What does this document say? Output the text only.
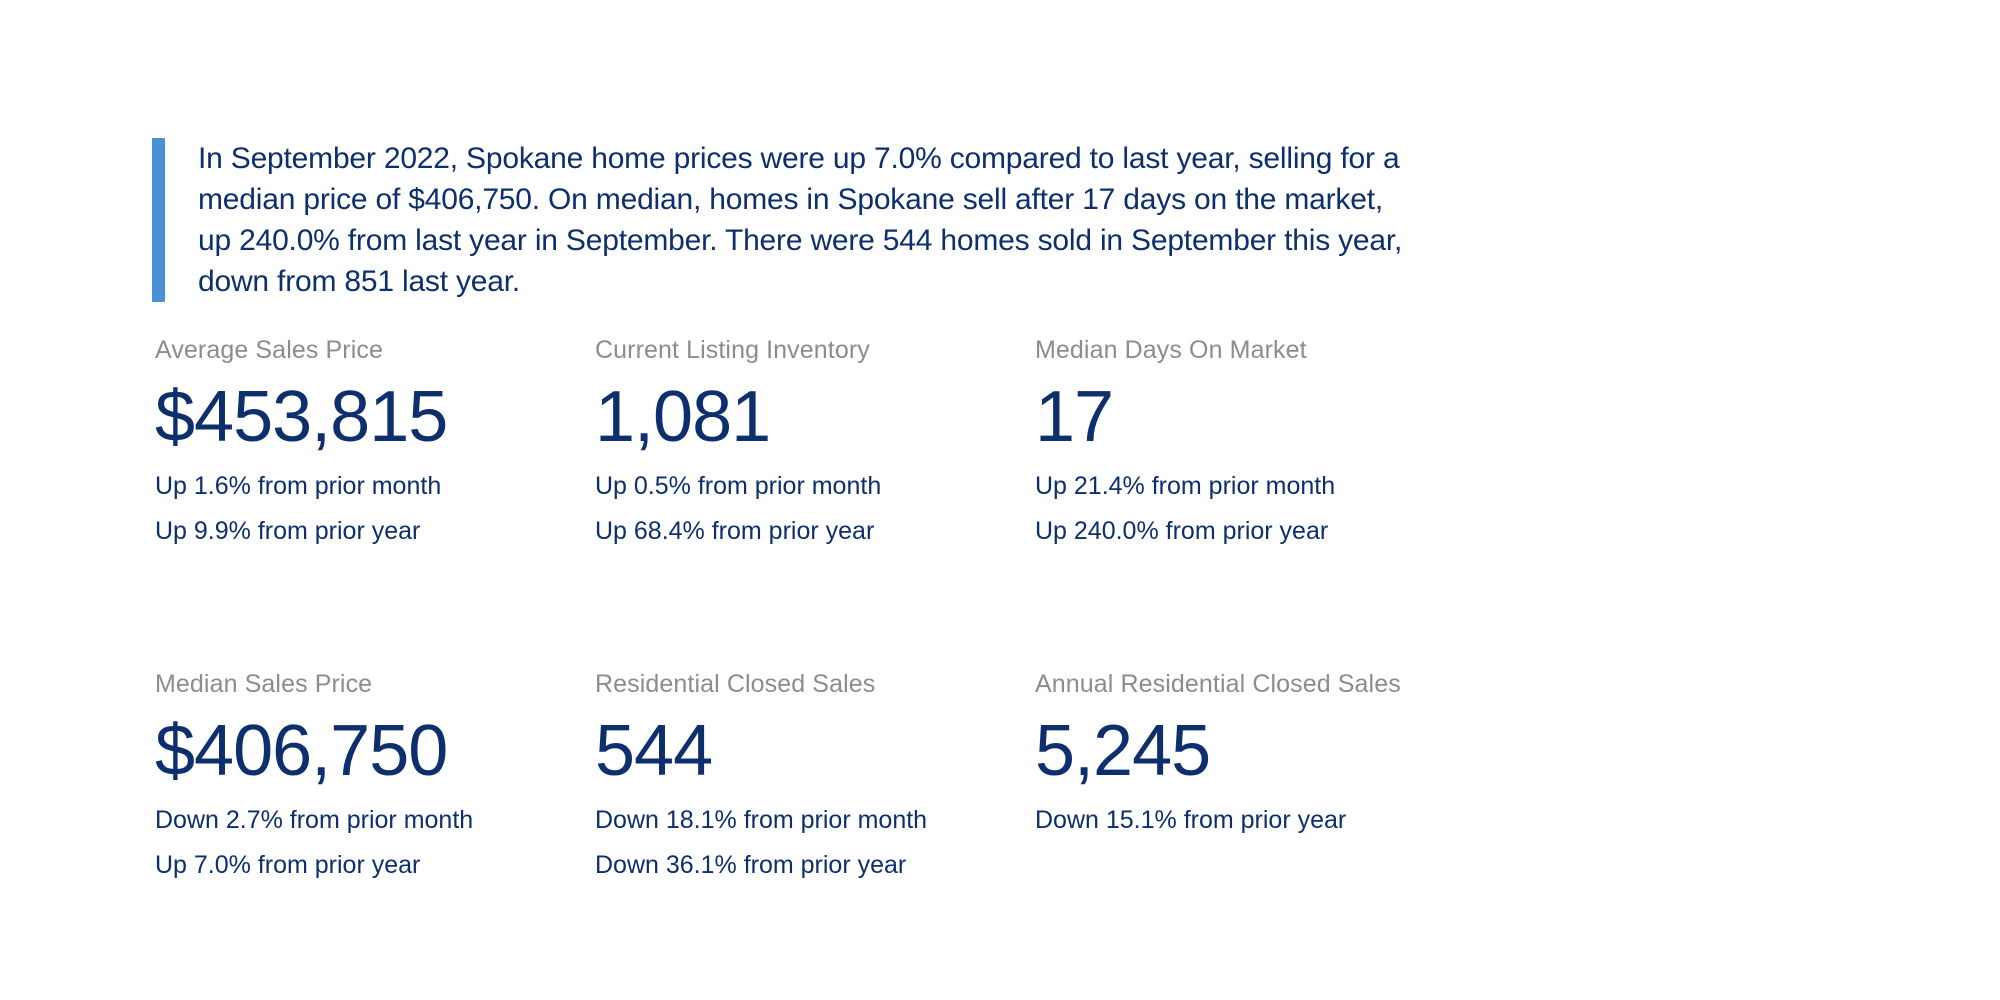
In September 2022, Spokane home prices were up 7.0% compared to last year, selling for a median price of $406,750. On median, homes in Spokane sell after 17 days on the market, up 240.0% from last year in September. There were 544 homes sold in September this year, down from 851 last year.
Average Sales Price
$453,815
Up 1.6% from prior month
Up 9.9% from prior year
Current Listing Inventory
1,081
Up 0.5% from prior month
Up 68.4% from prior year
Median Days On Market
17
Up 21.4% from prior month
Up 240.0% from prior year
Median Sales Price
$406,750
Down 2.7% from prior month
Up 7.0% from prior year
Residential Closed Sales
544
Down 18.1% from prior month
Down 36.1% from prior year
Annual Residential Closed Sales
5,245
Down 15.1% from prior year
